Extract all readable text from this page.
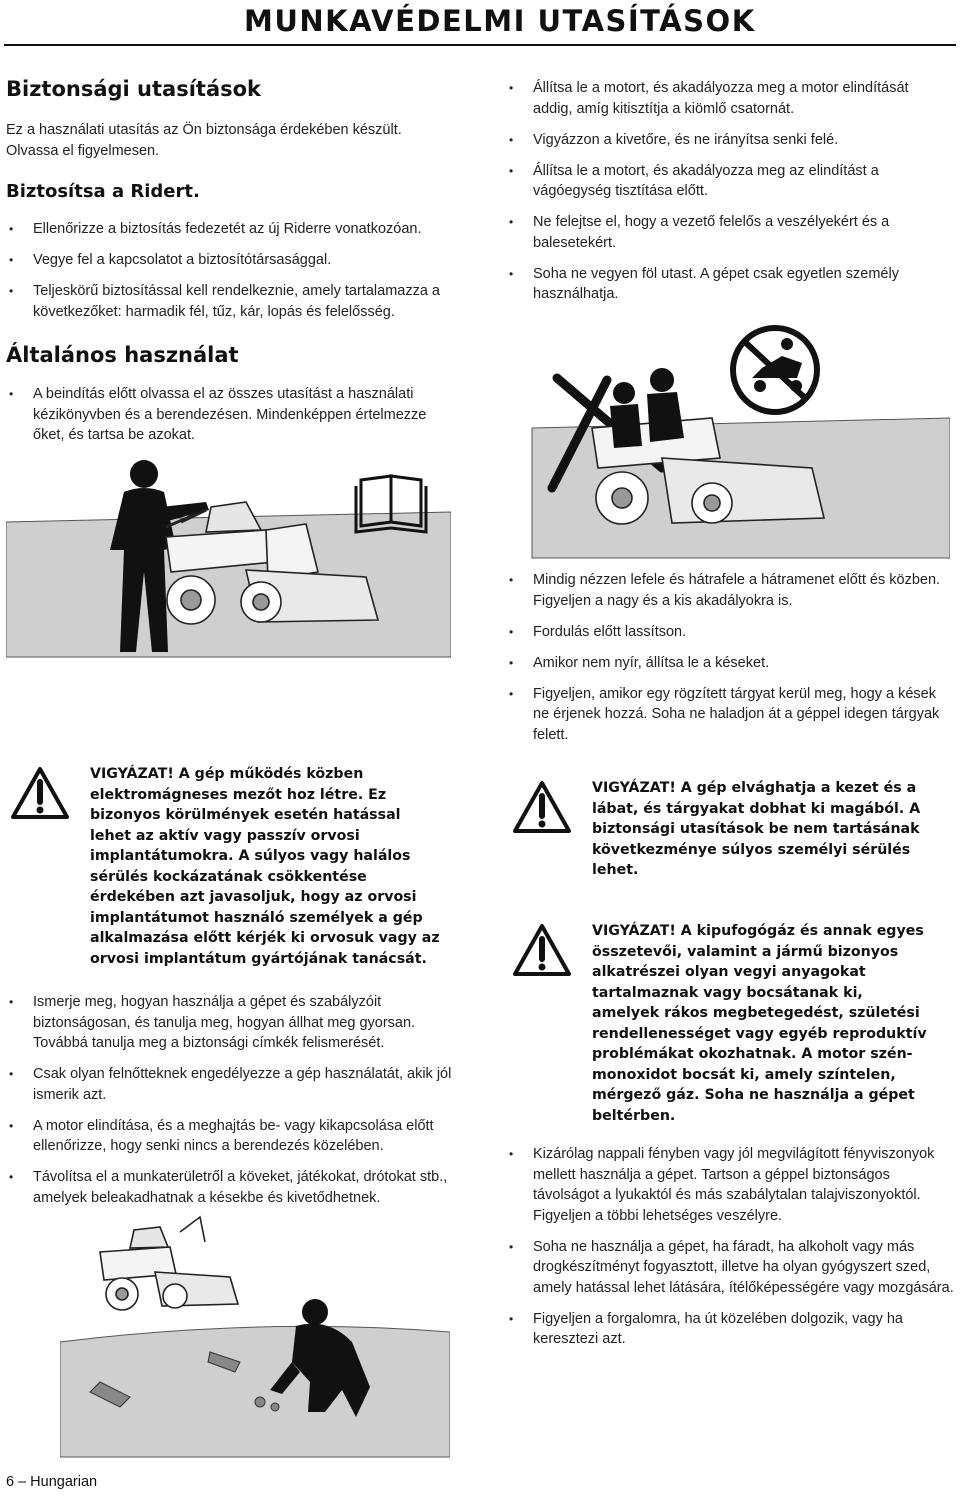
MUNKAVÉDELMI UTASÍTÁSOK
Biztonsági utasítások
Ez a használati utasítás az Ön biztonsága érdekében készült. Olvassa el figyelmesen.
Biztosítsa a Ridert.
• Ellenőrizze a biztosítás fedezetét az új Riderre vonatkozóan.
• Vegye fel a kapcsolatot a biztosítótársasággal.
• Teljeskörű biztosítással kell rendelkeznie, amely tartalamazza a következőket: harmadik fél, tűz, kár, lopás és felelősség.
Általános használat
• A beindítás előtt olvassa el az összes utasítást a használati kézikönyvben és a berendezésen. Mindenképpen értelmezze őket, és tartsa be azokat.
• Állítsa le a motort, és akadályozza meg a motor elindítását addig, amíg kitisztítja a kiömlő csatornát.
• Vigyázzon a kivetőre, és ne irányítsa senki felé.
• Állítsa le a motort, és akadályozza meg az elindítást a vágóegység tisztítása előtt.
• Ne felejtse el, hogy a vezető felelős a veszélyekért és a balesetekért.
• Soha ne vegyen föl utast. A gépet csak egyetlen személy használhatja.
• Mindig nézzen lefele és hátrafele a hátramenet előtt és közben. Figyeljen a nagy és a kis akadályokra is.
• Fordulás előtt lassítson.
• Amikor nem nyír, állítsa le a késeket.
• Figyeljen, amikor egy rögzített tárgyat kerül meg, hogy a kések ne érjenek hozzá. Soha ne haladjon át a géppel idegen tárgyak felett.
VIGYÁZAT! A gép működés közben elektromágneses mezőt hoz létre. Ez bizonyos körülmények esetén hatással lehet az aktív vagy passzív orvosi implantátumokra. A súlyos vagy halálos sérülés kockázatának csökkentése érdekében azt javasoljuk, hogy az orvosi implantátumot használó személyek a gép alkalmazása előtt kérjék ki orvosuk vagy az orvosi implantátum gyártójának tanácsát.
• Ismerje meg, hogyan használja a gépet és szabályzóit biztonságosan, és tanulja meg, hogyan állhat meg gyorsan. Továbbá tanulja meg a biztonsági címkék felismerését.
• Csak olyan felnőtteknek engedélyezze a gép használatát, akik jól ismerik azt.
• A motor elindítása, és a meghajtás be- vagy kikapcsolása előtt ellenőrizze, hogy senki nincs a berendezés közelében.
• Távolítsa el a munkaterületről a köveket, játékokat, drótokat stb., amelyek beleakadhatnak a késekbe és kivetődhetnek.
VIGYÁZAT! A gép elvághatja a kezet és a lábat, és tárgyakat dobhat ki magából. A biztonsági utasítások be nem tartásának következménye súlyos személyi sérülés lehet.
VIGYÁZAT! A kipufogógáz és annak egyes összetevői, valamint a jármű bizonyos alkatrészei olyan vegyi anyagokat tartalmaznak vagy bocsátanak ki, amelyek rákos megbetegedést, születési rendellenességet vagy egyéb reproduktív problémákat okozhatnak. A motor szén-monoxidot bocsát ki, amely színtelen, mérgező gáz. Soha ne használja a gépet beltérben.
• Kizárólag nappali fényben vagy jól megvilágított fényviszonyok mellett használja a gépet. Tartson a géppel biztonságos távolságot a lyukaktól és más szabálytalan talajviszonyoktól. Figyeljen a többi lehetséges veszélyre.
• Soha ne használja a gépet, ha fáradt, ha alkoholt vagy más drogkészítményt fogyasztott, illetve ha olyan gyógyszert szed, amely hatással lehet látására, ítélőképességére vagy mozgására.
• Figyeljen a forgalomra, ha út közelében dolgozik, vagy ha keresztezi azt.
6 – Hungarian
